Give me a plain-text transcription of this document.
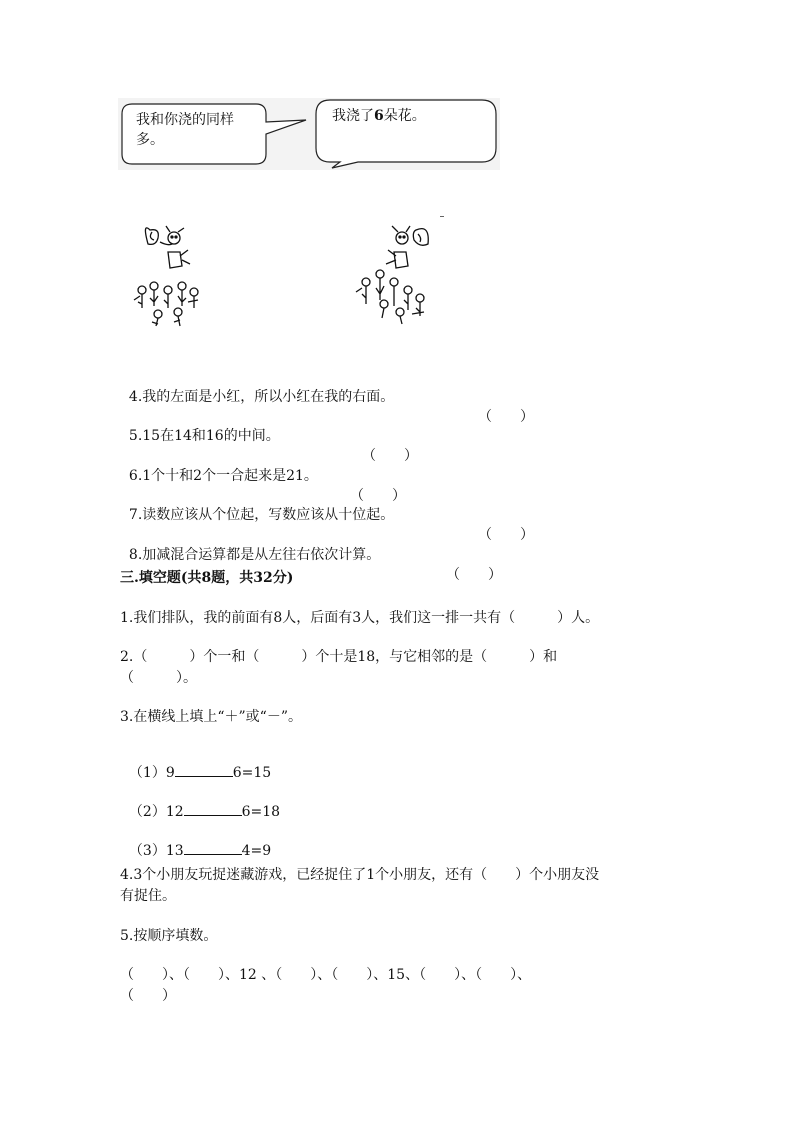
我和你浇的同样
多。
我浇了6朵花。

4.我的左面是小红，所以小红在我的右面。

（　　）

5.15在14和16的中间。

（　　）

6.1个十和2个一合起来是21。

（　　）

7.读数应该从个位起，写数应该从十位起。

（　　）

8.加减混合运算都是从左往右依次计算。

（　　）

三.填空题(共8题，共32分)
1.我们排队，我的前面有8人，后面有3人，我们这一排一共有（　　　）人。
2.（　　　）个一和（　　　）个十是18，与它相邻的是（　　　）和
（　　　）。
3.在横线上填上“＋”或“－”。

（1）9	6=15

（2）12	6=18

（3）13	4=9

4.3个小朋友玩捉迷藏游戏，已经捉住了1个小朋友，还有（　　）个小朋友没
有捉住。
5.按顺序填数。
（　　）、（　　）、12 、（　　）、（　　）、15、（　　）、（　　）、
（　　）
